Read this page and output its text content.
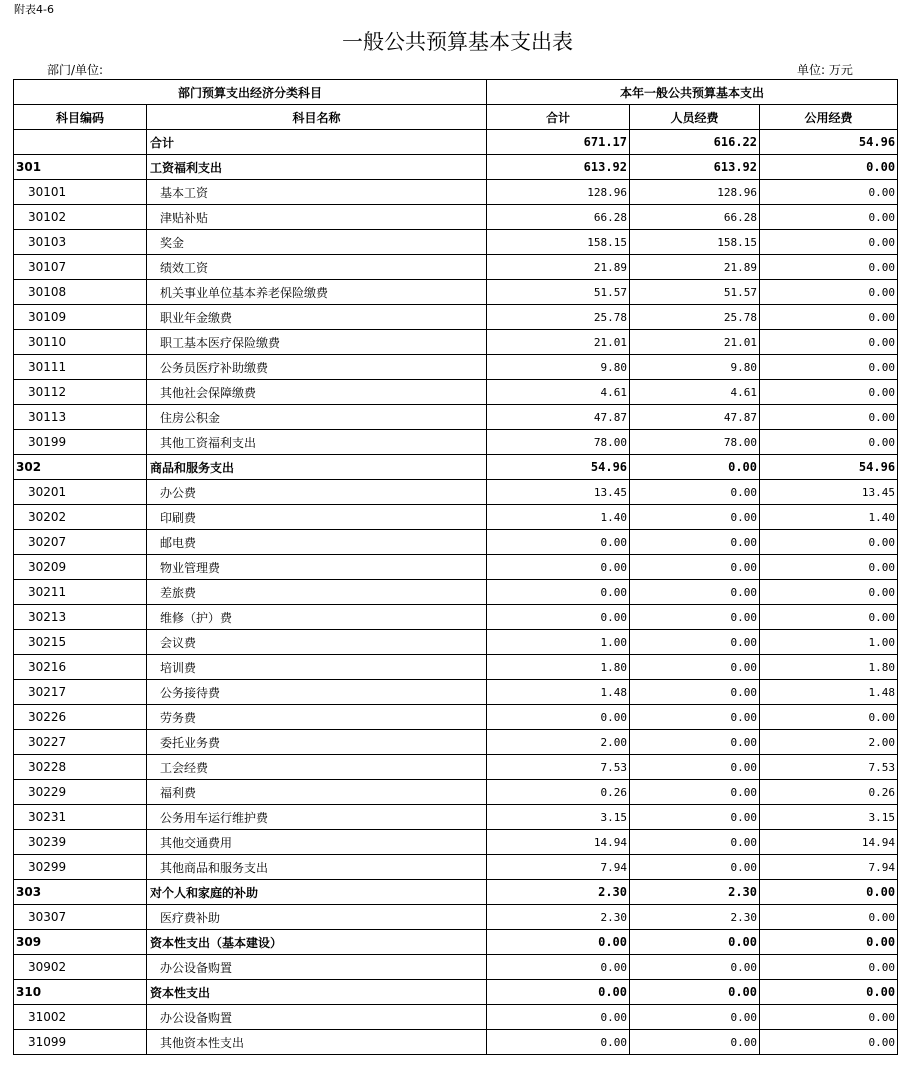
附表4-6
一般公共预算基本支出表
部门/单位:	单位: 万元
部门预算支出经济分类科目		本年一般公共预算基本支出		
科目编码	科目名称	合计	人员经费	公用经费
	合计	671.17	616.22	54.96
301	工资福利支出	613.92	613.92	0.00
30101	基本工资	128.96	128.96	0.00
30102	津贴补贴	66.28	66.28	0.00
30103	奖金	158.15	158.15	0.00
30107	绩效工资	21.89	21.89	0.00
30108	机关事业单位基本养老保险缴费	51.57	51.57	0.00
30109	职业年金缴费	25.78	25.78	0.00
30110	职工基本医疗保险缴费	21.01	21.01	0.00
30111	公务员医疗补助缴费	9.80	9.80	0.00
30112	其他社会保障缴费	4.61	4.61	0.00
30113	住房公积金	47.87	47.87	0.00
30199	其他工资福利支出	78.00	78.00	0.00
302	商品和服务支出	54.96	0.00	54.96
30201	办公费	13.45	0.00	13.45
30202	印刷费	1.40	0.00	1.40
30207	邮电费	0.00	0.00	0.00
30209	物业管理费	0.00	0.00	0.00
30211	差旅费	0.00	0.00	0.00
30213	维修（护）费	0.00	0.00	0.00
30215	会议费	1.00	0.00	1.00
30216	培训费	1.80	0.00	1.80
30217	公务接待费	1.48	0.00	1.48
30226	劳务费	0.00	0.00	0.00
30227	委托业务费	2.00	0.00	2.00
30228	工会经费	7.53	0.00	7.53
30229	福利费	0.26	0.00	0.26
30231	公务用车运行维护费	3.15	0.00	3.15
30239	其他交通费用	14.94	0.00	14.94
30299	其他商品和服务支出	7.94	0.00	7.94
303	对个人和家庭的补助	2.30	2.30	0.00
30307	医疗费补助	2.30	2.30	0.00
309	资本性支出（基本建设）	0.00	0.00	0.00
30902	办公设备购置	0.00	0.00	0.00
310	资本性支出	0.00	0.00	0.00
31002	办公设备购置	0.00	0.00	0.00
31099	其他资本性支出	0.00	0.00	0.00
